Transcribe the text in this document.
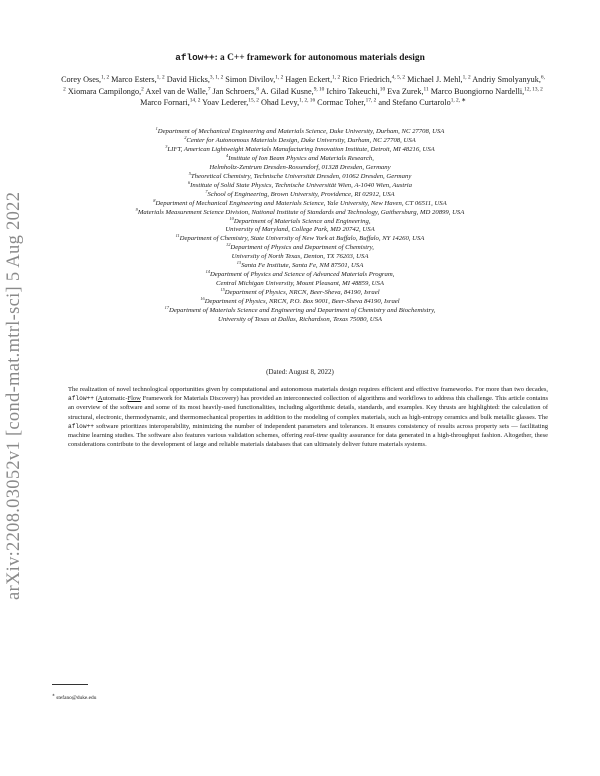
arXiv:2208.03052v1 [cond-mat.mtrl-sci] 5 Aug 2022
aflow++: a C++ framework for autonomous materials design
Corey Oses,$^{1, 2}$ Marco Esters,$^{1, 2}$ David Hicks,$^{3, 1, 2}$ Simon Divilov,$^{1, 2}$ Hagen Eckert,$^{1, 2}$ Rico Friedrich,$^{4, 5, 2}$ Michael J. Mehl,$^{1, 2}$ Andriy Smolyanyuk,$^{6, 2}$ Xiomara Campilongo,$^2$ Axel van de Walle,$^7$ Jan Schroers,$^8$ A. Gilad Kusne,$^{9, 10}$ Ichiro Takeuchi,$^{10}$ Eva Zurek,$^{11}$ Marco Buongiorno Nardelli,$^{12, 13, 2}$ Marco Fornari,$^{14, 2}$ Yoav Lederer,$^{15, 2}$ Ohad Levy,$^{1, 2, 16}$ Cormac Toher,$^{17, 2}$ and Stefano Curtarolo$^{1, 2, ∗}$
$^1$Department of Mechanical Engineering and Materials Science, Duke University, Durham, NC 27708, USA
$^2$Center for Autonomous Materials Design, Duke University, Durham, NC 27708, USA
$^3$LIFT, American Lightweight Materials Manufacturing Innovation Institute, Detroit, MI 48216, USA
$^4$Institute of Ion Beam Physics and Materials Research,
Helmholtz-Zentrum Dresden-Rossendorf, 01328 Dresden, Germany
$^5$Theoretical Chemistry, Technische Universität Dresden, 01062 Dresden, Germany
$^6$Institute of Solid State Physics, Technische Universität Wien, A-1040 Wien, Austria
$^7$School of Engineering, Brown University, Providence, RI 02912, USA
$^8$Department of Mechanical Engineering and Materials Science, Yale University, New Haven, CT 06511, USA
$^9$Materials Measurement Science Division, National Institute of Standards and Technology, Gaithersburg, MD 20899, USA
$^{10}$Department of Materials Science and Engineering,
University of Maryland, College Park, MD 20742, USA
$^{11}$Department of Chemistry, State University of New York at Buffalo, Buffalo, NY 14260, USA
$^{12}$Department of Physics and Department of Chemistry,
University of North Texas, Denton, TX 76203, USA
$^{13}$Santa Fe Institute, Santa Fe, NM 87501, USA
$^{14}$Department of Physics and Science of Advanced Materials Program,
Central Michigan University, Mount Pleasant, MI 48859, USA
$^{15}$Department of Physics, NRCN, Beer-Sheva, 84190, Israel
$^{16}$Department of Physics, NRCN, P.O. Box 9001, Beer-Sheva 84190, Israel
$^{17}$Department of Materials Science and Engineering and Department of Chemistry and Biochemistry,
University of Texas at Dallas, Richardson, Texas 75080, USA
(Dated: August 8, 2022)
The realization of novel technological opportunities given by computational and autonomous materials design requires efficient and effective frameworks. For more than two decades, aflow++ (Automatic-Flow Framework for Materials Discovery) has provided an interconnected collection of algorithms and workflows to address this challenge. This article contains an overview of the software and some of its most heavily-used functionalities, including algorithmic details, standards, and examples. Key thrusts are highlighted: the calculation of structural, electronic, thermodynamic, and thermomechanical properties in addition to the modeling of complex materials, such as high-entropy ceramics and bulk metallic glasses. The aflow++ software prioritizes interoperability, minimizing the number of independent parameters and tolerances. It ensures consistency of results across property sets — facilitating machine learning studies. The software also features various validation schemes, offering real-time quality assurance for data generated in a high-throughput fashion. Altogether, these considerations contribute to the development of large and reliable materials databases that can ultimately deliver future materials systems.
∗ stefano@duke.edu
